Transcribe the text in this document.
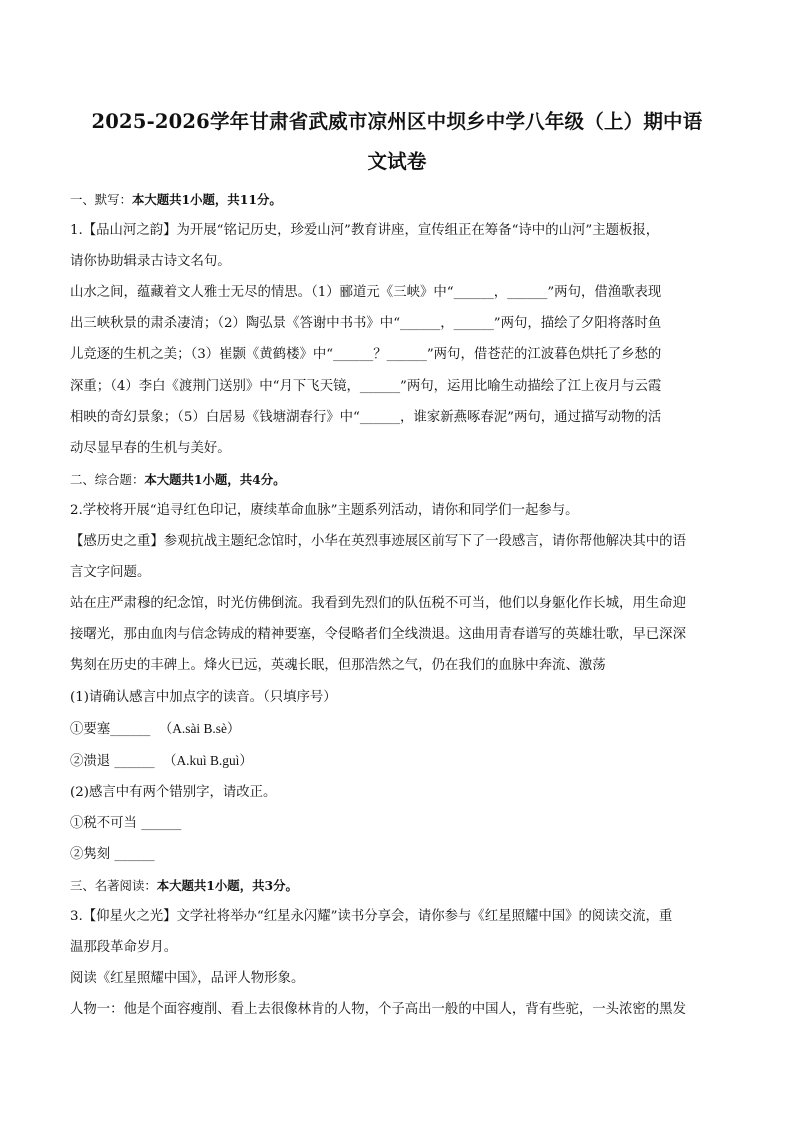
2025-2026学年甘肃省武威市凉州区中坝乡中学八年级（上）期中语
文试卷

一、默写：本大题共1小题，共11分。

1.【品山河之韵】为开展“铭记历史，珍爱山河”教育讲座，宣传组正在筹备“诗中的山河”主题板报，

请你协助辑录古诗文名句。

山水之间，蕴藏着文人雅士无尽的情思。（1）郦道元《三峡》中“______，______”两句，借渔歌表现

出三峡秋景的肃杀凄清；（2）陶弘景《答谢中书书》中“______，______”两句，描绘了夕阳将落时鱼

儿竞逐的生机之美；（3）崔颢《黄鹤楼》中“______？______”两句，借苍茫的江波暮色烘托了乡愁的

深重；（4）李白《渡荆门送别》中“月下飞天镜，______”两句，运用比喻生动描绘了江上夜月与云霞

相映的奇幻景象；（5）白居易《钱塘湖春行》中“______，谁家新燕啄春泥”两句，通过描写动物的活

动尽显早春的生机与美好。

二、综合题：本大题共1小题，共4分。

2.学校将开展“追寻红色印记，赓续革命血脉”主题系列活动，请你和同学们一起参与。

【感历史之重】参观抗战主题纪念馆时，小华在英烈事迹展区前写下了一段感言，请你帮他解决其中的语

言文字问题。

站在庄严肃穆的纪念馆，时光仿佛倒流。我看到先烈们的队伍税不可当，他们以身躯化作长城，用生命迎

接曙光，那由血肉与信念铸成的精神要塞，令侵略者们全线溃退。这曲用青春谱写的英雄壮歌，早已深深

隽刻在历史的丰碑上。烽火已远，英魂长眠，但那浩然之气，仍在我们的血脉中奔流、激荡

(1)请确认感言中加点字的读音。（只填序号）

①要塞______ （A.sài B.sè）

②溃退 ______ （A.kuì B.guì）

(2)感言中有两个错别字，请改正。

①税不可当 ______

②隽刻 ______

三、名著阅读：本大题共1小题，共3分。

3.【仰星火之光】文学社将举办“红星永闪耀”读书分享会，请你参与《红星照耀中国》的阅读交流，重

温那段革命岁月。

阅读《红星照耀中国》，品评人物形象。

人物一：他是个面容瘦削、看上去很像林肯的人物，个子高出一般的中国人，背有些驼，一头浓密的黑发
